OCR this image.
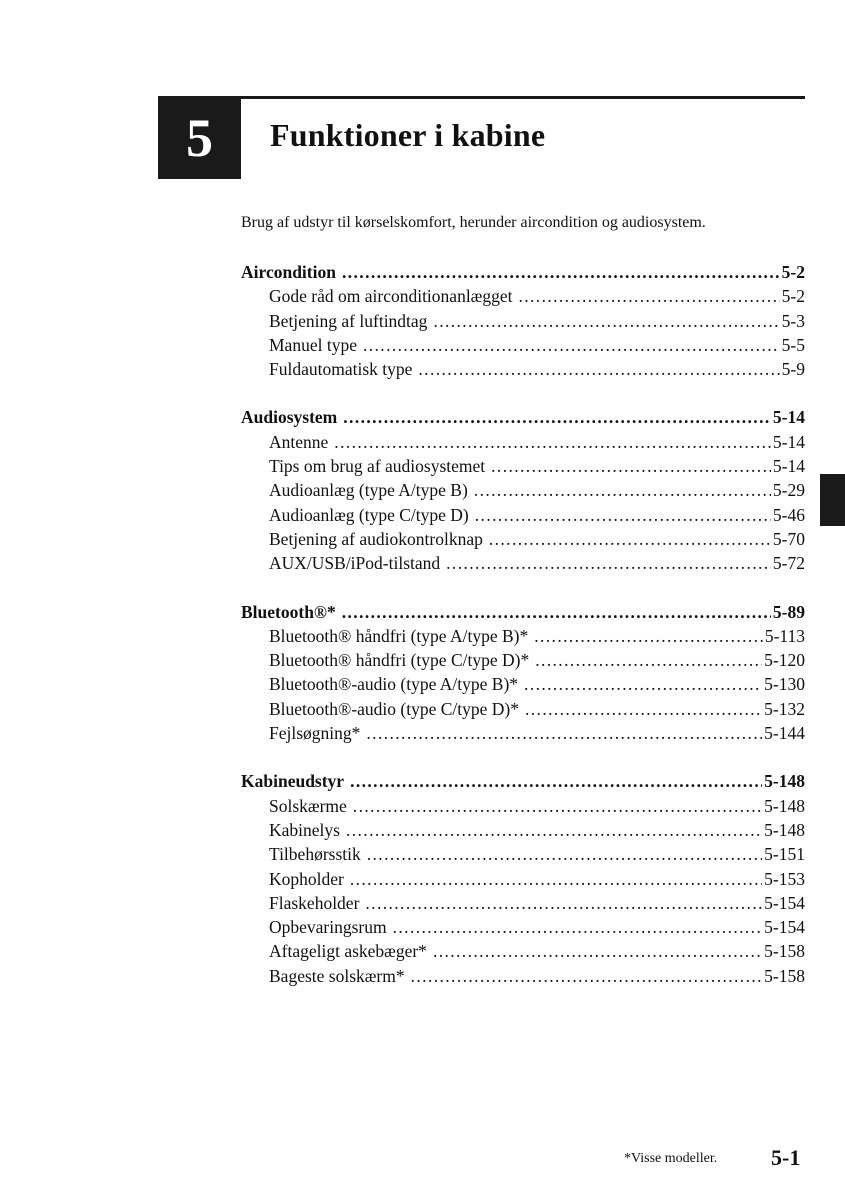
5 Funktioner i kabine
Brug af udstyr til kørselskomfort, herunder aircondition og audiosystem.
Aircondition .....	5-2
Gode råd om airconditionanlægget .....	5-2
Betjening af luftindtag .....	5-3
Manuel type .....	5-5
Fuldautomatisk type .....	5-9
Audiosystem .....	5-14
Antenne .....	5-14
Tips om brug af audiosystemet .....	5-14
Audioanlæg (type A/type B) .....	5-29
Audioanlæg (type C/type D) .....	5-46
Betjening af audiokontrolknap .....	5-70
AUX/USB/iPod-tilstand .....	5-72
Bluetooth®* .....	5-89
Bluetooth® håndfri (type A/type B)* .....	5-113
Bluetooth® håndfri (type C/type D)* .....	5-120
Bluetooth®-audio (type A/type B)* .....	5-130
Bluetooth®-audio (type C/type D)* .....	5-132
Fejlsøgning* .....	5-144
Kabineudstyr .....	5-148
Solskærme .....	5-148
Kabinelys .....	5-148
Tilbehørsstik .....	5-151
Kopholder .....	5-153
Flaskeholder .....	5-154
Opbevaringsrum .....	5-154
Aftageligt askebæger* .....	5-158
Bageste solskærm* .....	5-158
*Visse modeller. 5-1
